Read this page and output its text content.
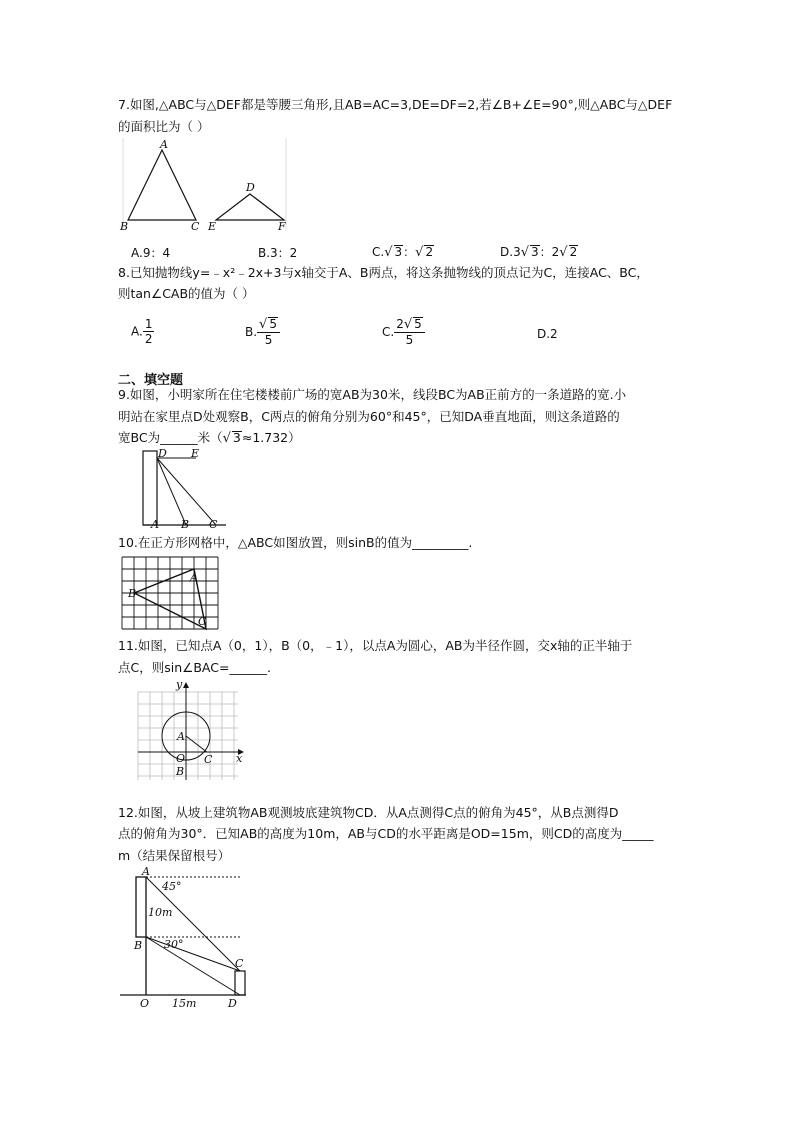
7.如图,△ABC与△DEF都是等腰三角形,且AB=AC=3,DE=DF=2,若∠B+∠E=90°,则△ABC与△DEF
的面积比为（ ）
A
B	C
D
E	F
A.9：4	B.3：2	C.√ 3：√ 2	D.3√ 3：2√ 2
8.已知抛物线y=﹣x²﹣2x+3与x轴交于A、B两点，将这条抛物线的顶点记为C，连接AC、BC，
则tan∠CAB的值为（ ）
A. $\frac{1}{2}$	B. $\frac{√ 5}{5}$	C. $\frac{2√ 5}{5}$	D.2
二、填空题
9.如图，小明家所在住宅楼楼前广场的宽AB为30米，线段BC为AB正前方的一条道路的宽.小
明站在家里点D处观察B，C两点的俯角分别为60°和45°，已知DA垂直地面，则这条道路的
宽BC为______米（√ 3≈1.732）
D E
A B C
10.在正方形网格中，△ABC如图放置，则sinB的值为_________.
A
B
C
11.如图，已知点A（0，1），B（0，﹣1），以点A为圆心，AB为半径作圆，交x轴的正半轴于
点C，则sin∠BAC=______.
y
x
A
O
B
C
12.如图，从坡上建筑物AB观测坡底建筑物CD．从A点测得C点的俯角为45°，从B点测得D
点的俯角为30°．已知AB的高度为10m，AB与CD的水平距离是OD=15m，则CD的高度为_____
m（结果保留根号）
A
B
C
D
O
45°
30°
10m
15m
